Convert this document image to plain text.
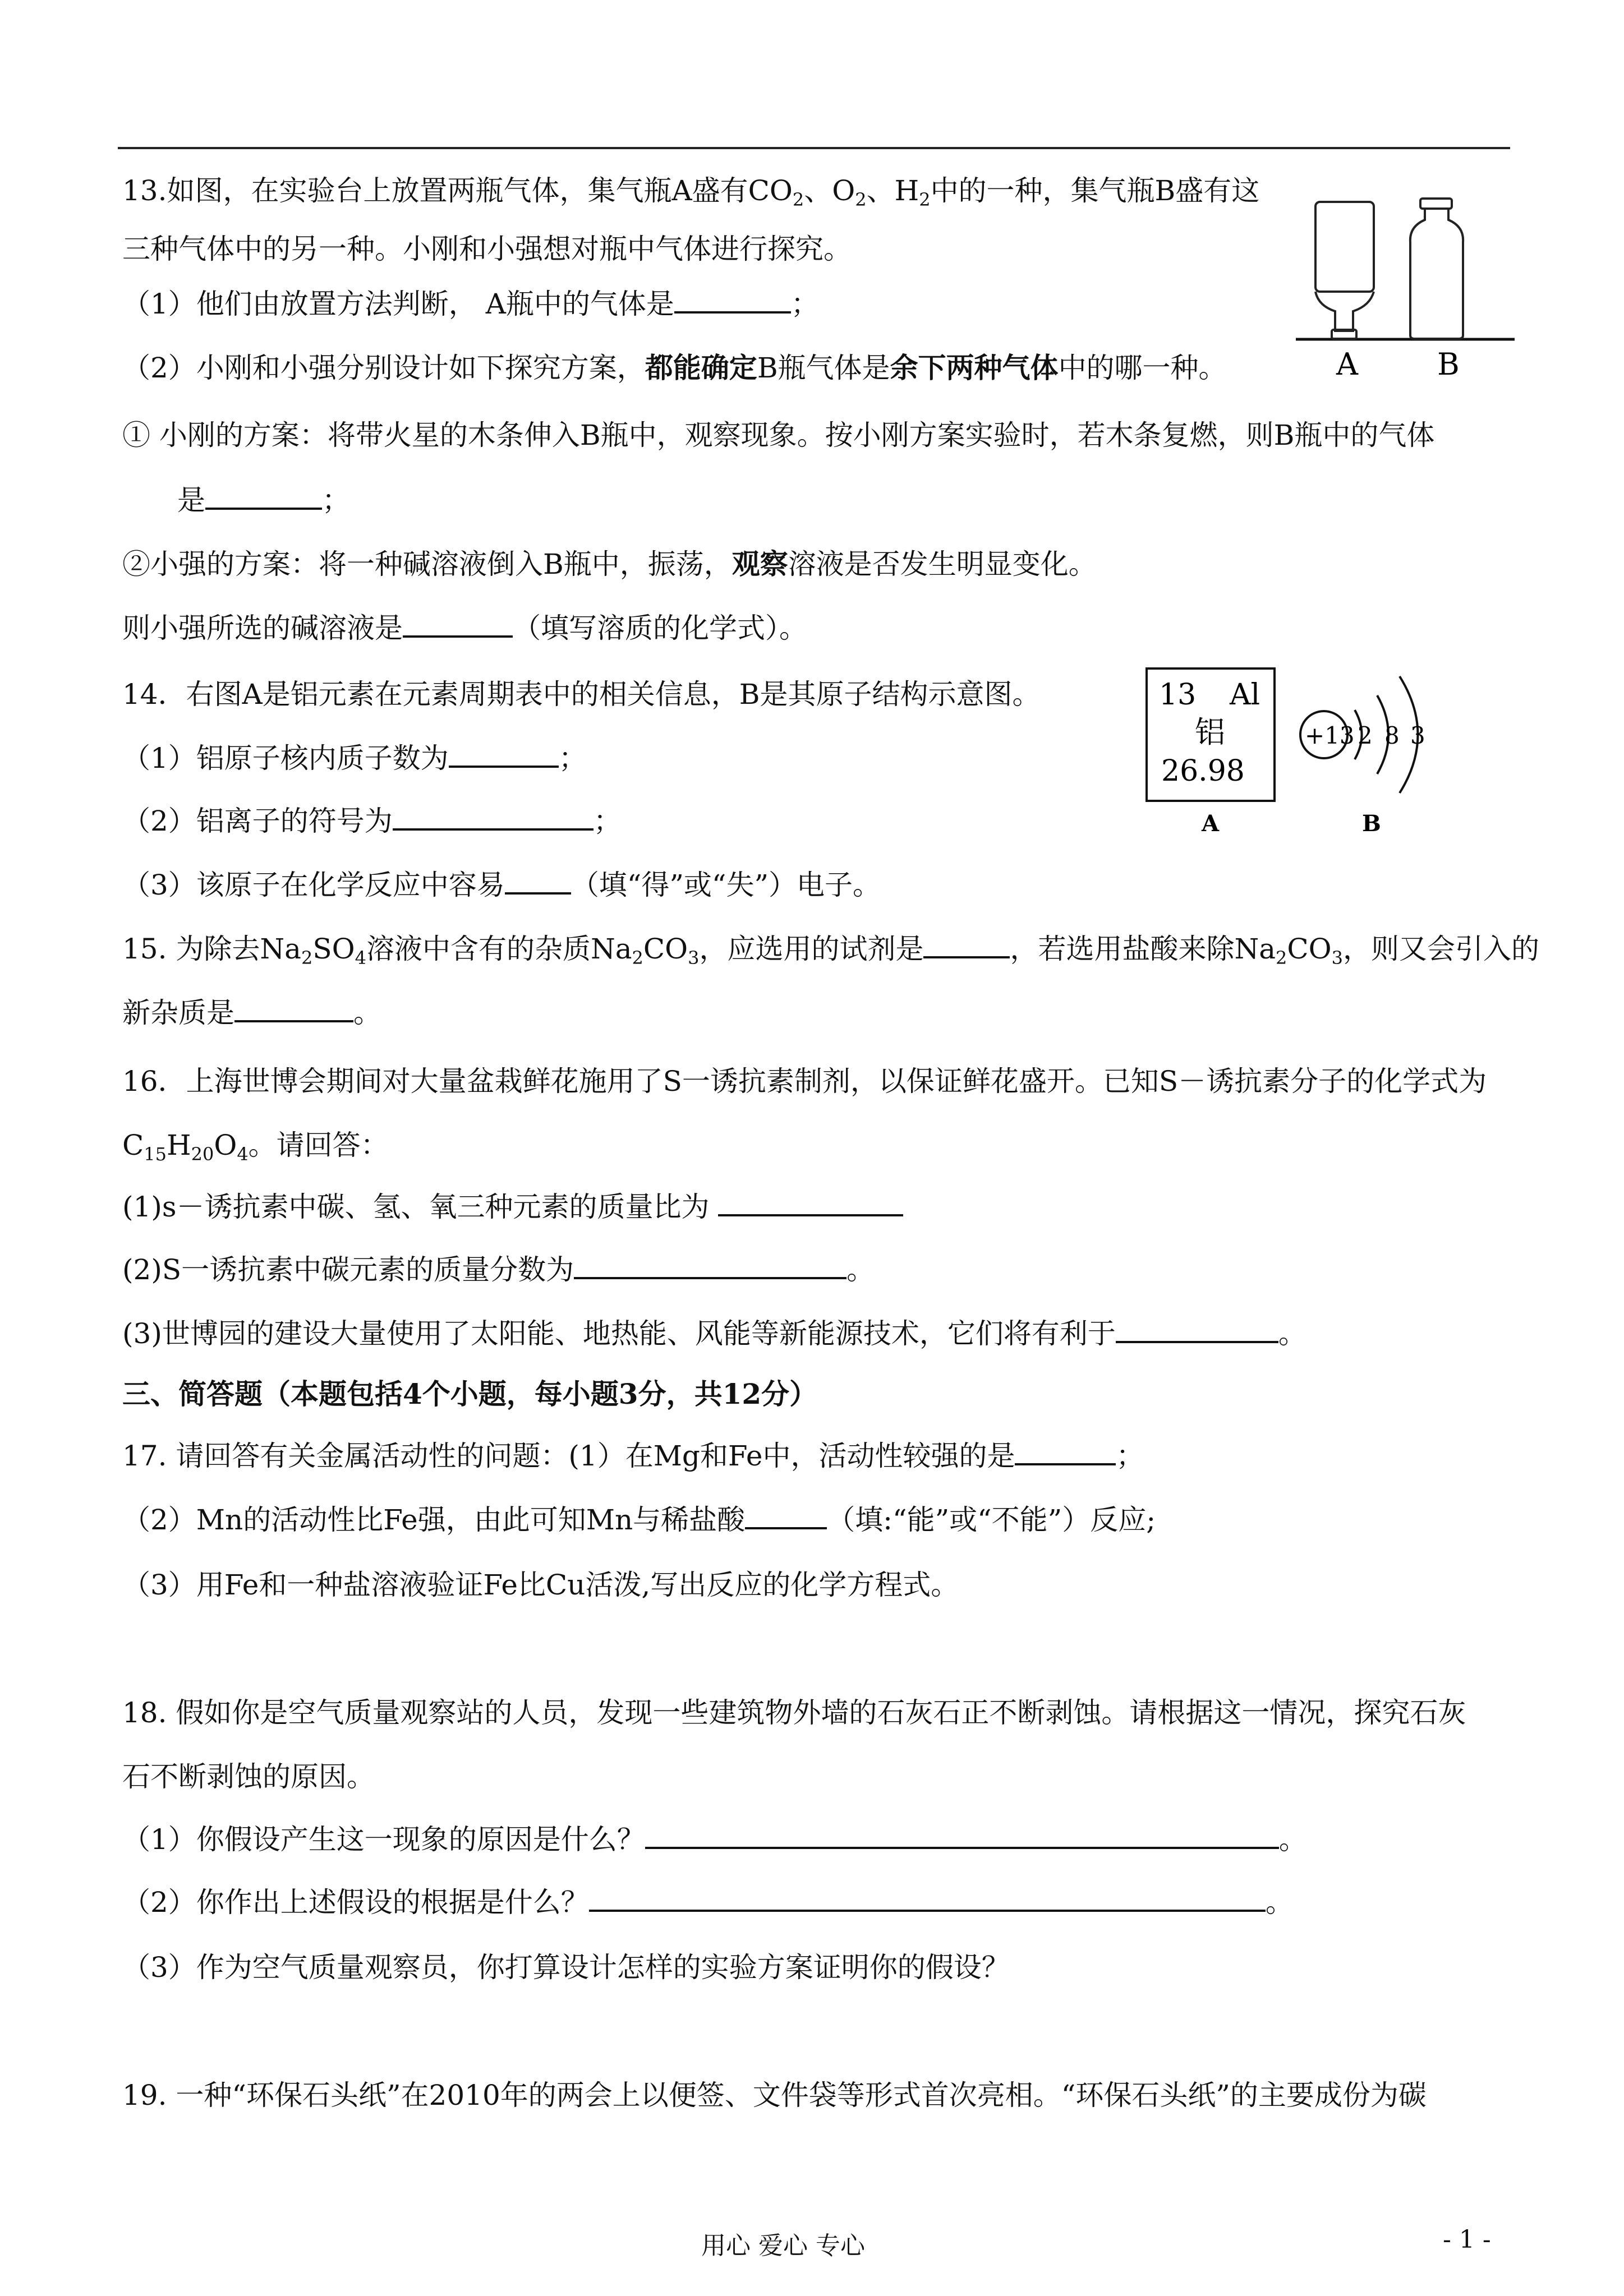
13.如图，在实验台上放置两瓶气体，集气瓶A盛有$CO_2$、$O_2$、$H_2$中的一种，集气瓶B盛有这
三种气体中的另一种。小刚和小强想对瓶中气体进行探究。
（1）他们由放置方法判断， A瓶中的气体是	；
（2）小刚和小强分别设计如下探究方案，都能确定B瓶气体是余下两种气体中的哪一种。
① 小刚的方案：将带火星的木条伸入B瓶中，观察现象。按小刚方案实验时，若木条复燃，则B瓶中的气体
是	；
②小强的方案：将一种碱溶液倒入B瓶中，振荡，观察溶液是否发生明显变化。
则小强所选的碱溶液是	（填写溶质的化学式）。
A	B
14．右图A是铝元素在元素周期表中的相关信息，B是其原子结构示意图。
（1）铝原子核内质子数为	；
（2）铝离子的符号为	；
（3）该原子在化学反应中容易 （填“得”或“失”）电子。
13 Al
铝
26.98
A
+13 2 8 3
B
15. 为除去$Na_2SO_4$溶液中含有的杂质$Na_2CO_3$，应选用的试剂是	，若选用盐酸来除$Na_2CO_3$，则又会引入的
新杂质是	。
16．上海世博会期间对大量盆栽鲜花施用了S一诱抗素制剂，以保证鲜花盛开。已知S－诱抗素分子的化学式为
$C_{15}H_{20}O_4$。请回答：
(1)s－诱抗素中碳、氢、氧三种元素的质量比为
(2)S一诱抗素中碳元素的质量分数为	。
(3)世博园的建设大量使用了太阳能、地热能、风能等新能源技术，它们将有利于	。
三、简答题（本题包括4个小题，每小题3分，共12分）
17. 请回答有关金属活动性的问题：(1）在Mg和Fe中，活动性较强的是	；
（2）Mn的活动性比Fe强，由此可知Mn与稀盐酸	（填:“能”或“不能”）反应;
（3）用Fe和一种盐溶液验证Fe比Cu活泼,写出反应的化学方程式。
18. 假如你是空气质量观察站的人员，发现一些建筑物外墙的石灰石正不断剥蚀。请根据这一情况，探究石灰
石不断剥蚀的原因。
（1）你假设产生这一现象的原因是什么？	。
（2）你作出上述假设的根据是什么？	。
（3）作为空气质量观察员，你打算设计怎样的实验方案证明你的假设？
19. 一种“环保石头纸”在2010年的两会上以便签、文件袋等形式首次亮相。“环保石头纸”的主要成份为碳
用心 爱心 专心	- 1 -
